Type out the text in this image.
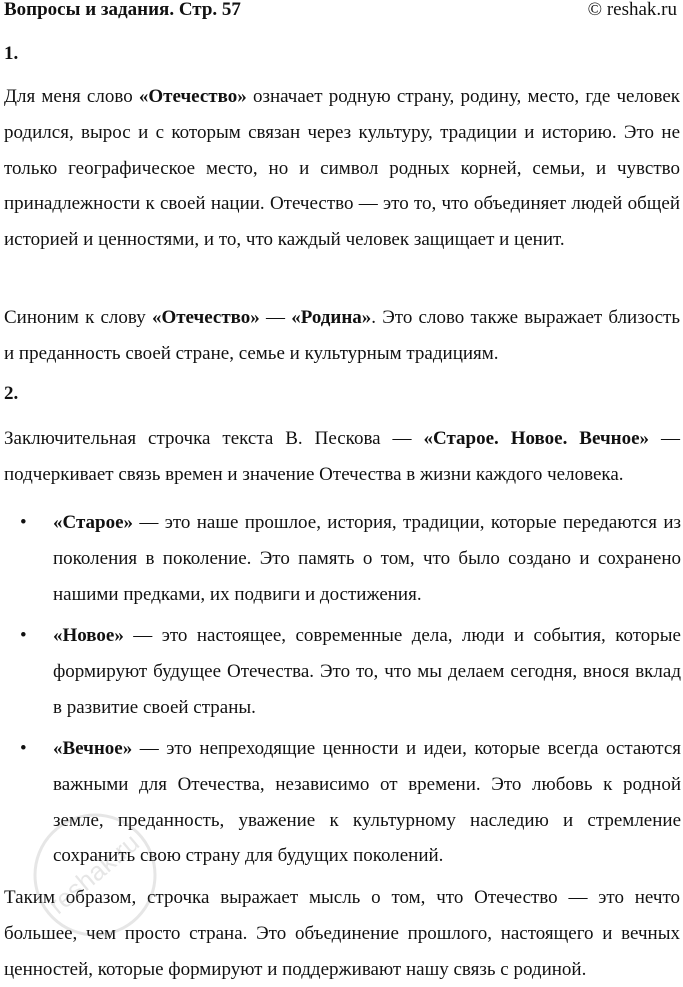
Вопросы и задания. Стр. 57	© reshak.ru
1.

Для меня слово «Отечество» означает родную страну, родину, место, где человек родился, вырос и с которым связан через культуру, традиции и историю. Это не только географическое место, но и символ родных корней, семьи, и чувство принадлежности к своей нации. Отечество — это то, что объединяет людей общей историей и ценностями, и то, что каждый человек защищает и ценит.

Синоним к слову «Отечество» — «Родина». Это слово также выражает близость и преданность своей стране, семье и культурным традициям.

2.

Заключительная строчка текста В. Пескова — «Старое. Новое. Вечное» — подчеркивает связь времен и значение Отечества в жизни каждого человека.

• «Старое» — это наше прошлое, история, традиции, которые передаются из поколения в поколение. Это память о том, что было создано и сохранено нашими предками, их подвиги и достижения.

• «Новое» — это настоящее, современные дела, люди и события, которые формируют будущее Отечества. Это то, что мы делаем сегодня, внося вклад в развитие своей страны.

• «Вечное» — это непреходящие ценности и идеи, которые всегда остаются важными для Отечества, независимо от времени. Это любовь к родной земле, преданность, уважение к культурному наследию и стремление сохранить свою страну для будущих поколений.

Таким образом, строчка выражает мысль о том, что Отечество — это нечто большее, чем просто страна. Это объединение прошлого, настоящего и вечных ценностей, которые формируют и поддерживают нашу связь с родиной.

reshak.ru
